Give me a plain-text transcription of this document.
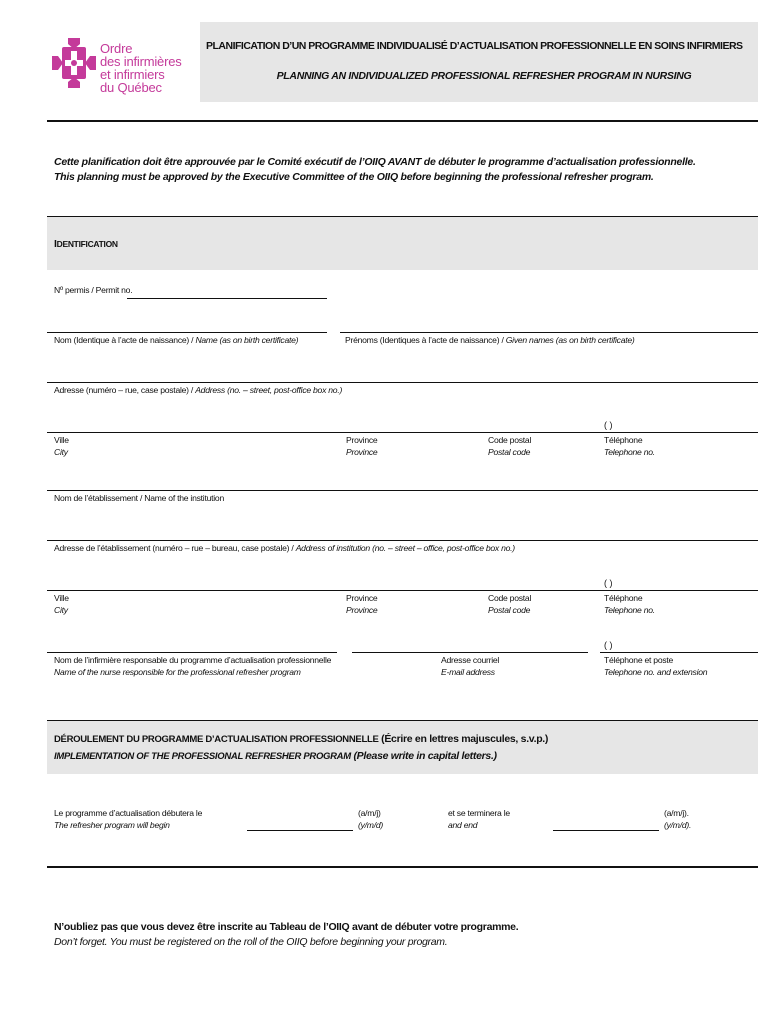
Ordre
des infirmières
et infirmiers
du Québec
PLANIFICATION D’UN PROGRAMME INDIVIDUALISÉ D’ACTUALISATION PROFESSIONNELLE EN SOINS INFIRMIERS
PLANNING AN INDIVIDUALIZED PROFESSIONAL REFRESHER PROGRAM IN NURSING
Cette planification doit être approuvée par le Comité exécutif de l’OIIQ AVANT de débuter le programme d’actualisation professionnelle.
This planning must be approved by the Executive Committee of the OIIQ before beginning the professional refresher program.
IDENTIFICATION
Nº permis / Permit no.
Nom (Identique à l’acte de naissance) / Name (as on birth certificate)	Prénoms (Identiques à l’acte de naissance) / Given names (as on birth certificate)
Adresse (numéro – rue, case postale) / Address (no. – street, post-office box no.)
( )
Ville
City
Province
Province
Code postal
Postal code
Téléphone
Telephone no.
Nom de l’établissement / Name of the institution
Adresse de l’établissement (numéro – rue – bureau, case postale) / Address of institution (no. – street – office, post-office box no.)
( )
Ville
City
Province
Province
Code postal
Postal code
Téléphone
Telephone no.
( )
Nom de l’infirmière responsable du programme d’actualisation professionnelle
Name of the nurse responsible for the professional refresher program
Adresse courriel
E-mail address
Téléphone et poste
Telephone no. and extension
DÉROULEMENT DU PROGRAMME D’ACTUALISATION PROFESSIONNELLE (Écrire en lettres majuscules, s.v.p.)
IMPLEMENTATION OF THE PROFESSIONAL REFRESHER PROGRAM (Please write in capital letters.)
Le programme d’actualisation débutera le
The refresher program will begin
(a/m/j)
(y/m/d)
et se terminera le
and end
(a/m/j).
(y/m/d).
N’oubliez pas que vous devez être inscrite au Tableau de l’OIIQ avant de débuter votre programme.
Don’t forget. You must be registered on the roll of the OIIQ before beginning your program.
